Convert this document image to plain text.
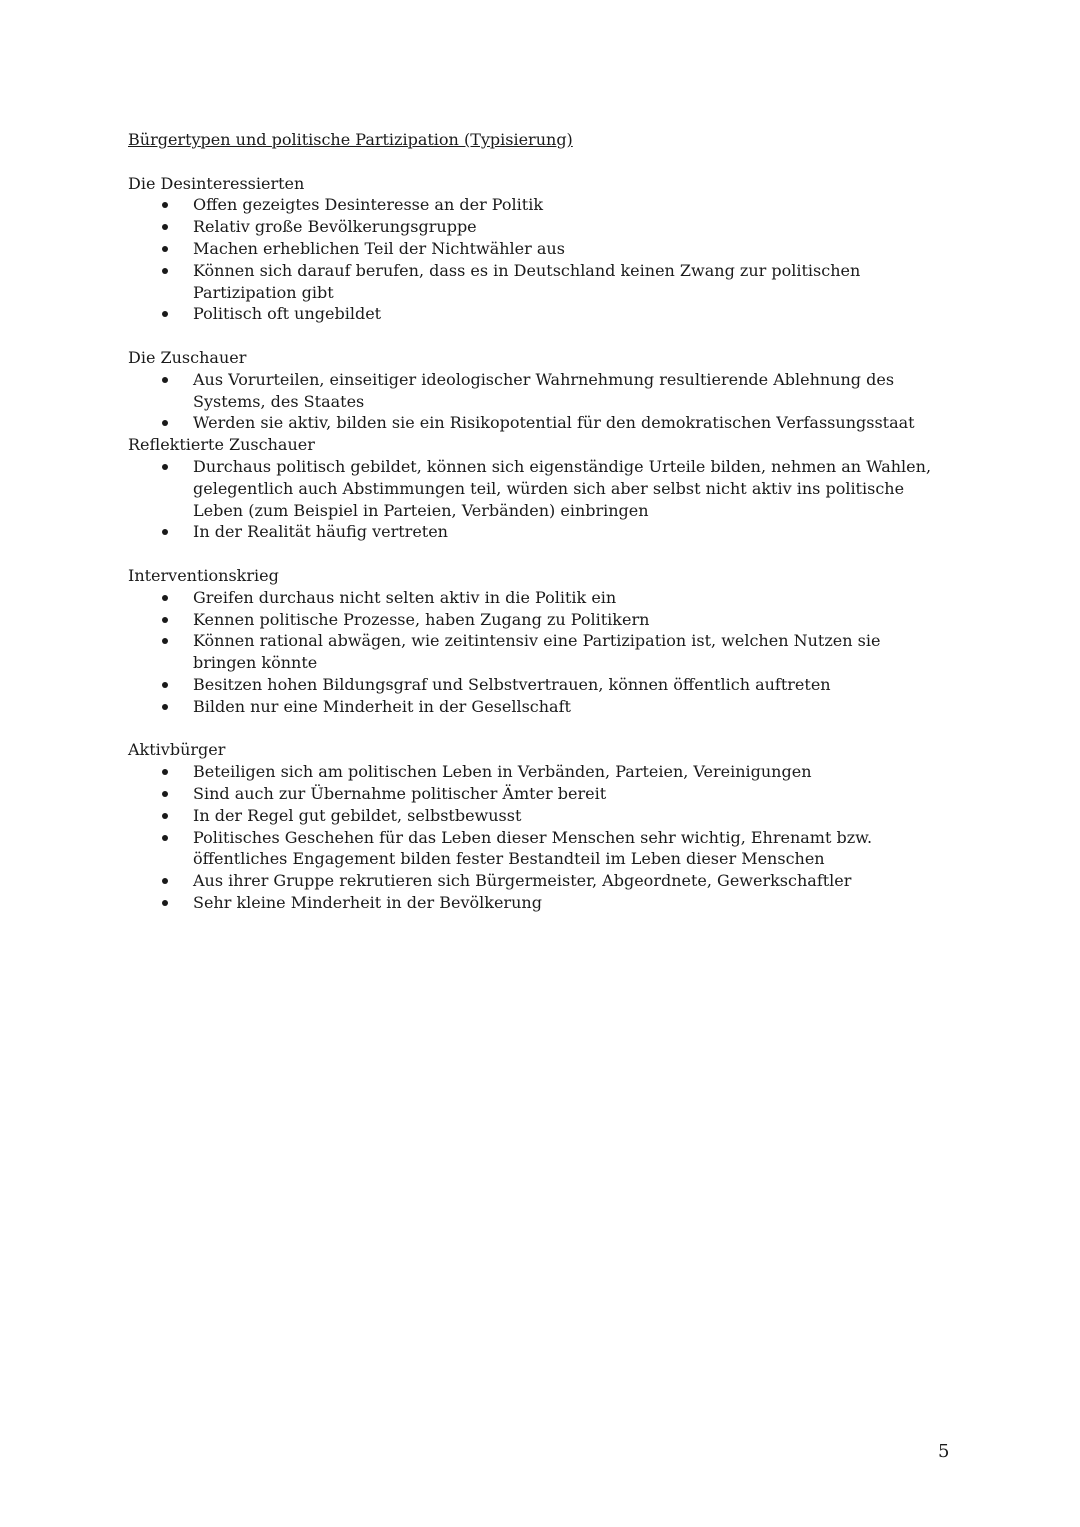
Bürgertypen und politische Partizipation (Typisierung)
Die Desinteressierten
Offen gezeigtes Desinteresse an der Politik
Relativ große Bevölkerungsgruppe
Machen erheblichen Teil der Nichtwähler aus
Können sich darauf berufen, dass es in Deutschland keinen Zwang zur politischen Partizipation gibt
Politisch oft ungebildet
Die Zuschauer
Aus Vorurteilen, einseitiger ideologischer Wahrnehmung resultierende Ablehnung des Systems, des Staates
Werden sie aktiv, bilden sie ein Risikopotential für den demokratischen Verfassungsstaat
Reflektierte Zuschauer
Durchaus politisch gebildet, können sich eigenständige Urteile bilden, nehmen an Wahlen, gelegentlich auch Abstimmungen teil, würden sich aber selbst nicht aktiv ins politische Leben (zum Beispiel in Parteien, Verbänden) einbringen
In der Realität häufig vertreten
Interventionskrieg
Greifen durchaus nicht selten aktiv in die Politik ein
Kennen politische Prozesse, haben Zugang zu Politikern
Können rational abwägen, wie zeitintensiv eine Partizipation ist, welchen Nutzen sie bringen könnte
Besitzen hohen Bildungsgraf und Selbstvertrauen, können öffentlich auftreten
Bilden nur eine Minderheit in der Gesellschaft
Aktivbürger
Beteiligen sich am politischen Leben in Verbänden, Parteien, Vereinigungen
Sind auch zur Übernahme politischer Ämter bereit
In der Regel gut gebildet, selbstbewusst
Politisches Geschehen für das Leben dieser Menschen sehr wichtig, Ehrenamt bzw. öffentliches Engagement bilden fester Bestandteil im Leben dieser Menschen
Aus ihrer Gruppe rekrutieren sich Bürgermeister, Abgeordnete, Gewerkschaftler
Sehr kleine Minderheit in der Bevölkerung
5
